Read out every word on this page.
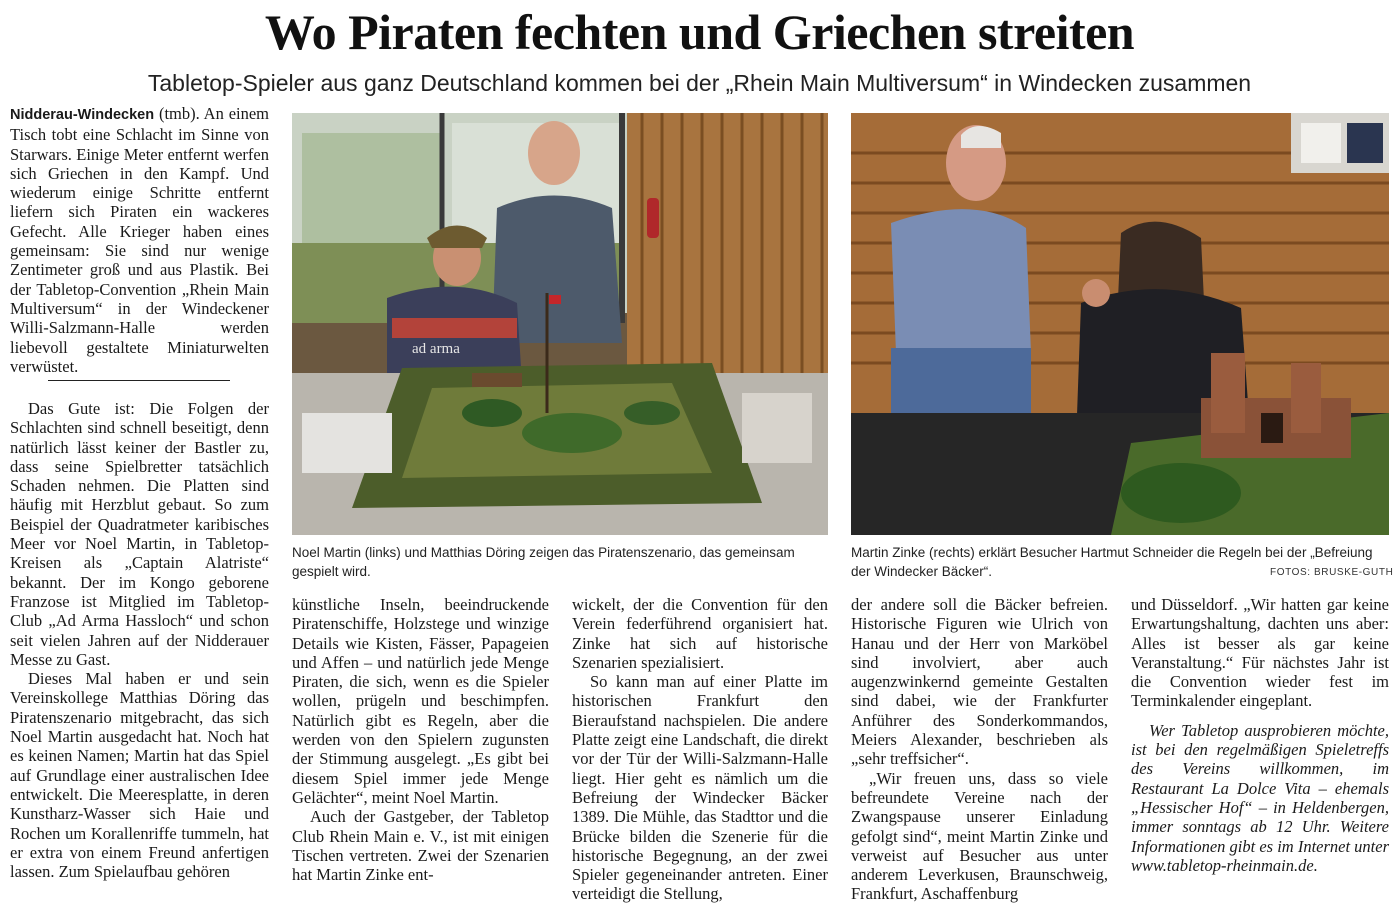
Wo Piraten fechten und Griechen streiten
Tabletop-Spieler aus ganz Deutschland kommen bei der „Rhein Main Multiversum“ in Windecken zusammen

Nidderau-Windecken (tmb). An einem Tisch tobt eine Schlacht im Sinne von Starwars. Einige Meter entfernt werfen sich Griechen in den Kampf. Und wiederum einige Schritte entfernt liefern sich Piraten ein wackeres Gefecht. Alle Krieger haben eines gemeinsam: Sie sind nur wenige Zentimeter groß und aus Plastik. Bei der Tabletop-Convention „Rhein Main Multiversum“ in der Windeckener Willi-Salzmann-Halle werden liebevoll gestaltete Miniaturwelten verwüstet.

Das Gute ist: Die Folgen der Schlachten sind schnell beseitigt, denn natürlich lässt keiner der Bastler zu, dass seine Spielbretter tatsächlich Schaden nehmen. Die Platten sind häufig mit Herzblut gebaut. So zum Beispiel der Quadratmeter karibisches Meer vor Noel Martin, in Tabletop-Kreisen als „Captain Alatriste“ bekannt. Der im Kongo geborene Franzose ist Mitglied im Tabletop-Club „Ad Arma Hassloch“ und schon seit vielen Jahren auf der Nidderauer Messe zu Gast.

Dieses Mal haben er und sein Vereinskollege Matthias Döring das Piratenszenario mitgebracht, das sich Noel Martin ausgedacht hat. Noch hat es keinen Namen; Martin hat das Spiel auf Grundlage einer australischen Idee entwickelt. Die Meeresplatte, in deren Kunstharz-Wasser sich Haie und Rochen um Korallenriffe tummeln, hat er extra von einem Freund anfertigen lassen. Zum Spielaufbau gehören

ad arma
Noel Martin (links) und Matthias Döring zeigen das Piratenszenario, das gemeinsam gespielt wird.
Martin Zinke (rechts) erklärt Besucher Hartmut Schneider die Regeln bei der „Befreiung der Windecker Bäcker“.	FOTOS: BRUSKE-GUTH

künstliche Inseln, beeindruckende Piratenschiffe, Holzstege und winzige Details wie Kisten, Fässer, Papageien und Affen – und natürlich jede Menge Piraten, die sich, wenn es die Spieler wollen, prügeln und beschimpfen. Natürlich gibt es Regeln, aber die werden von den Spielern zugunsten der Stimmung ausgelegt. „Es gibt bei diesem Spiel immer jede Menge Gelächter“, meint Noel Martin.

Auch der Gastgeber, der Tabletop Club Rhein Main e. V., ist mit einigen Tischen vertreten. Zwei der Szenarien hat Martin Zinke ent-

wickelt, der die Convention für den Verein federführend organisiert hat. Zinke hat sich auf historische Szenarien spezialisiert.

So kann man auf einer Platte im historischen Frankfurt den Bieraufstand nachspielen. Die andere Platte zeigt eine Landschaft, die direkt vor der Tür der Willi-Salzmann-Halle liegt. Hier geht es nämlich um die Befreiung der Windecker Bäcker 1389. Die Mühle, das Stadttor und die Brücke bilden die Szenerie für die historische Begegnung, an der zwei Spieler gegeneinander antreten. Einer verteidigt die Stellung,

der andere soll die Bäcker befreien. Historische Figuren wie Ulrich von Hanau und der Herr von Marköbel sind involviert, aber auch augenzwinkernd gemeinte Gestalten sind dabei, wie der Frankfurter Anführer des Sonderkommandos, Meiers Alexander, beschrieben als „sehr treffsicher“.

„Wir freuen uns, dass so viele befreundete Vereine nach der Zwangspause unserer Einladung gefolgt sind“, meint Martin Zinke und verweist auf Besucher aus unter anderem Leverkusen, Braunschweig, Frankfurt, Aschaffenburg

und Düsseldorf. „Wir hatten gar keine Erwartungshaltung, dachten uns aber: Alles ist besser als gar keine Veranstaltung.“ Für nächstes Jahr ist die Convention wieder fest im Terminkalender eingeplant.

Wer Tabletop ausprobieren möchte, ist bei den regelmäßigen Spieletreffs des Vereins willkommen, im Restaurant La Dolce Vita – ehemals „Hessischer Hof“ – in Heldenbergen, immer sonntags ab 12 Uhr. Weitere Informationen gibt es im Internet unter www.tabletop-rheinmain.de.
